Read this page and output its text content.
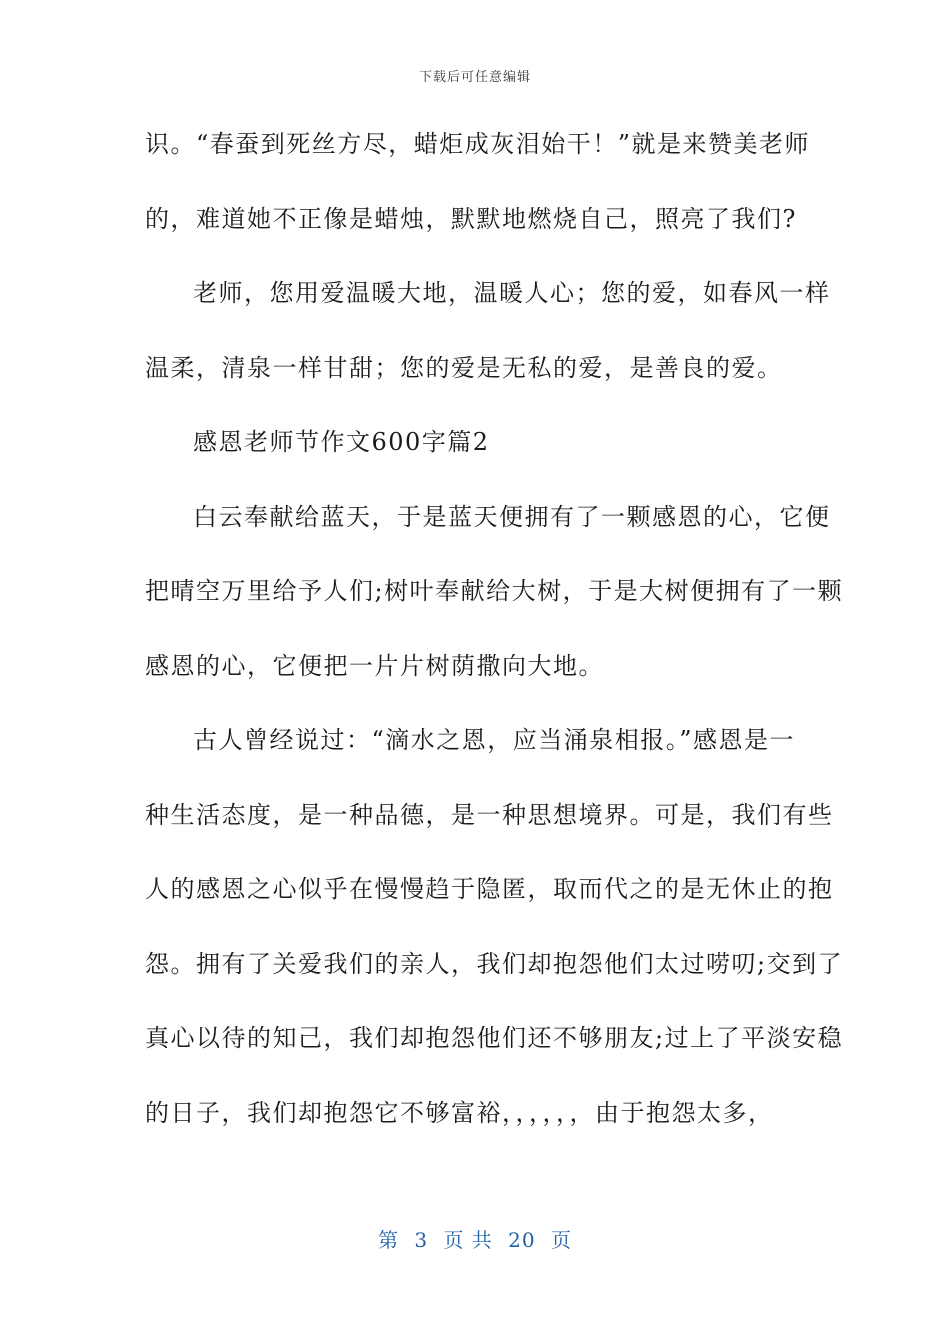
下载后可任意编辑
识。“春蚕到死丝方尽，蜡炬成灰泪始干！”就是来赞美老师
的，难道她不正像是蜡烛，默默地燃烧自己，照亮了我们?
老师，您用爱温暖大地，温暖人心；您的爱，如春风一样
温柔，清泉一样甘甜；您的爱是无私的爱，是善良的爱。
感恩老师节作文600字篇2
白云奉献给蓝天，于是蓝天便拥有了一颗感恩的心，它便
把晴空万里给予人们;树叶奉献给大树，于是大树便拥有了一颗
感恩的心，它便把一片片树荫撒向大地。
古人曾经说过：“滴水之恩，应当涌泉相报。”感恩是一
种生活态度，是一种品德，是一种思想境界。可是，我们有些
人的感恩之心似乎在慢慢趋于隐匿，取而代之的是无休止的抱
怨。拥有了关爱我们的亲人，我们却抱怨他们太过唠叨;交到了
真心以待的知己，我们却抱怨他们还不够朋友;过上了平淡安稳
的日子，我们却抱怨它不够富裕，，，，，，由于抱怨太多，
第 3 页 共 20 页
